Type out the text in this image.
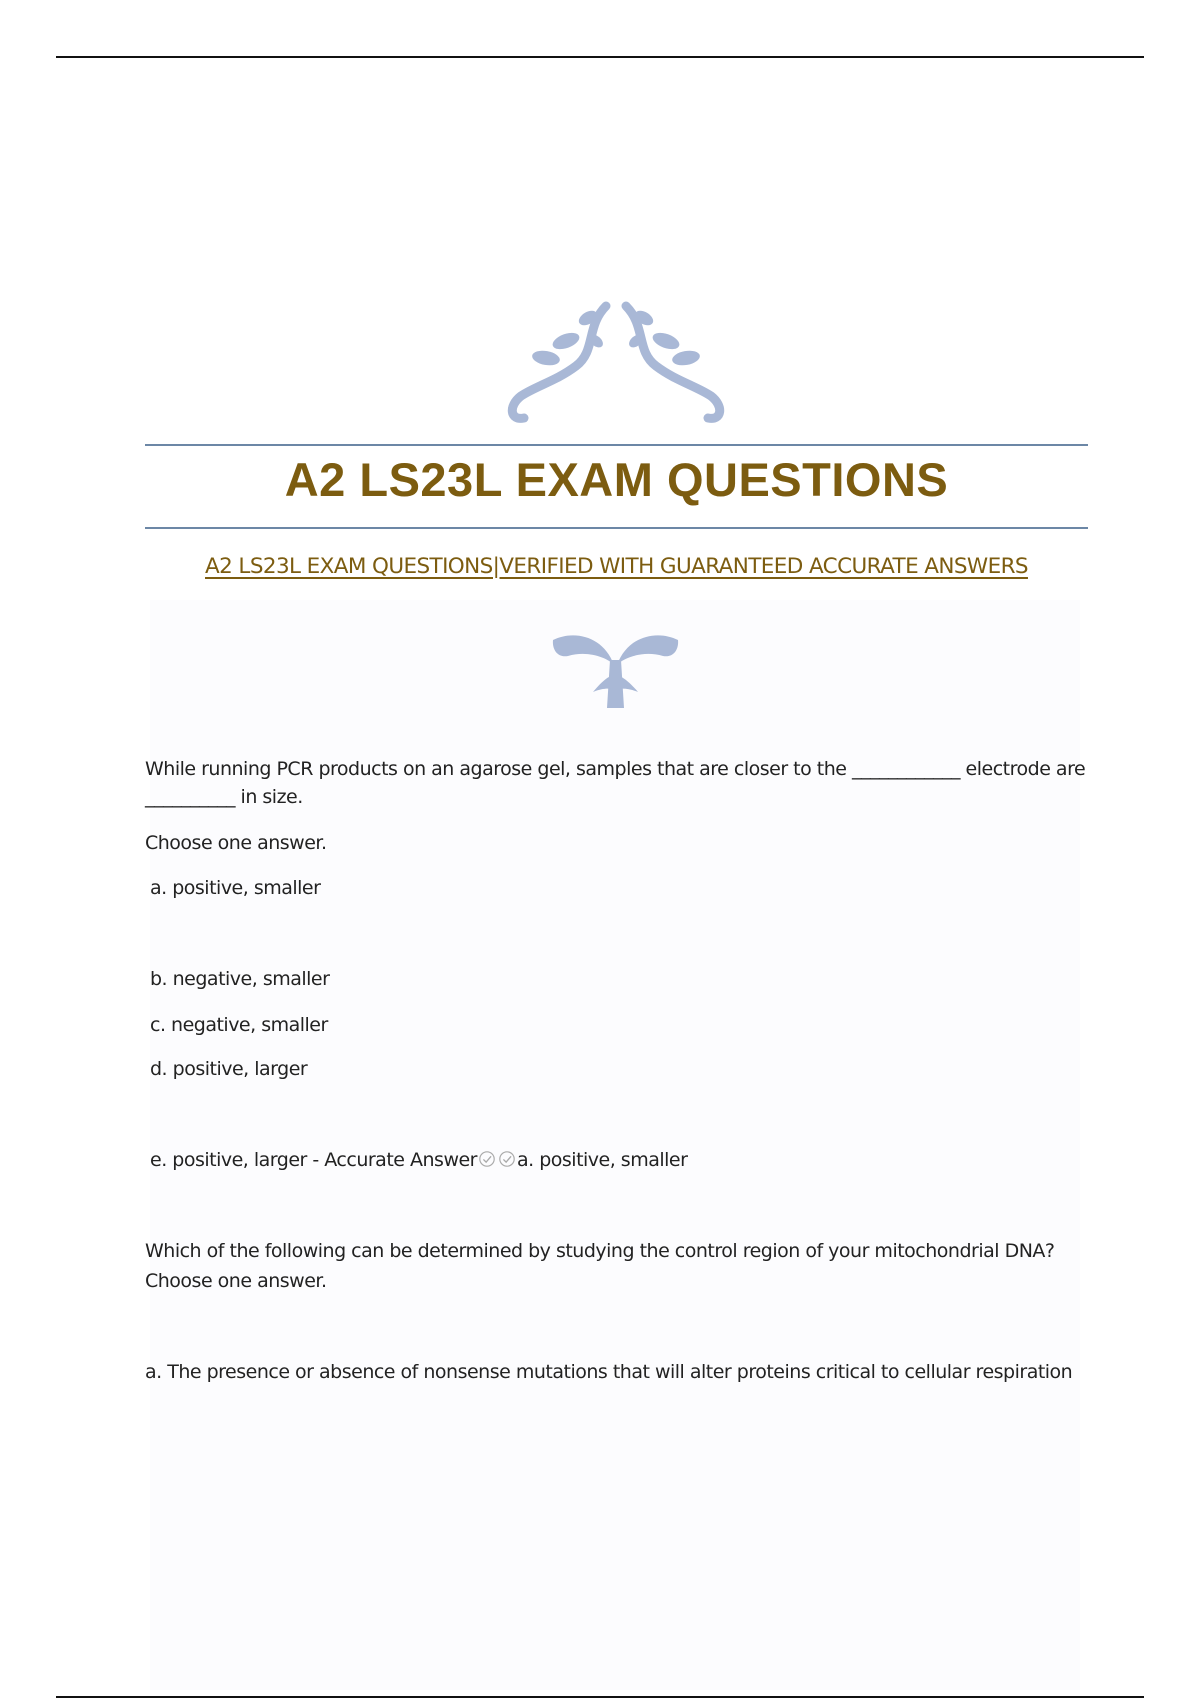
A2 LS23L EXAM QUESTIONS
A2 LS23L EXAM QUESTIONS|VERIFIED WITH GUARANTEED ACCURATE ANSWERS
While running PCR products on an agarose gel, samples that are closer to the ____________ electrode are
__________ in size.
Choose one answer.
a. positive, smaller
b. negative, smaller
c. negative, smaller
d. positive, larger
e. positive, larger - Accurate Answer a. positive, smaller
Which of the following can be determined by studying the control region of your mitochondrial DNA?
Choose one answer.
a. The presence or absence of nonsense mutations that will alter proteins critical to cellular respiration
